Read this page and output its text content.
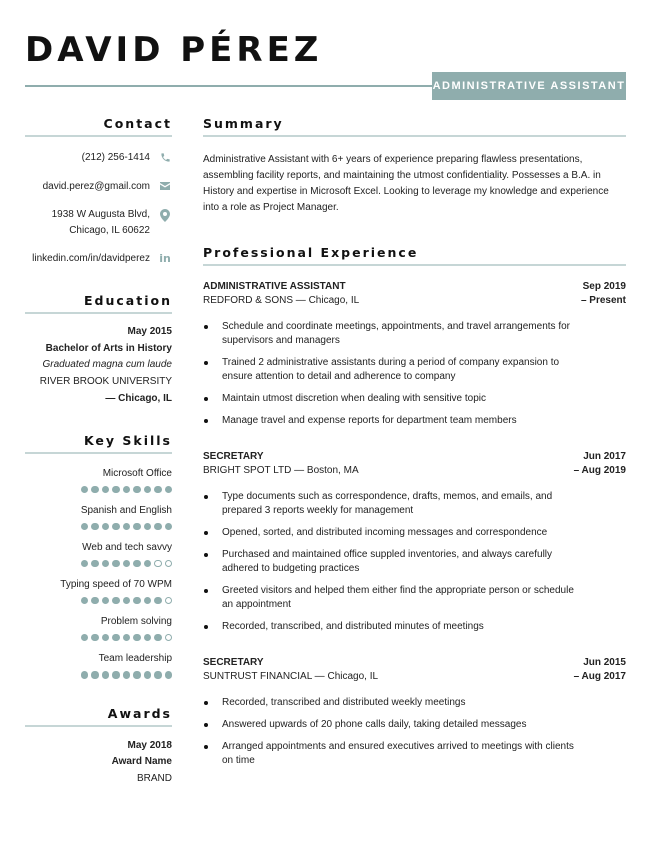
DAVID PÉREZ
ADMINISTRATIVE ASSISTANT
Contact
(212) 256-1414
david.perez@gmail.com
1938 W Augusta Blvd,
Chicago, IL 60622
linkedin.com/in/davidperez in
Education
May 2015
Bachelor of Arts in History
Graduated magna cum laude
RIVER BROOK UNIVERSITY
— Chicago, IL
Key Skills
Microsoft Office
Spanish and English
Web and tech savvy
Typing speed of 70 WPM
Problem solving
Team leadership
Awards
May 2018
Award Name
BRAND
Summary

Administrative Assistant with 6+ years of experience preparing flawless presentations, assembling facility reports, and maintaining the utmost confidentiality. Possesses a B.A. in History and expertise in Microsoft Excel. Looking to leverage my knowledge and experience into a role as Project Manager.

Professional Experience
ADMINISTRATIVE ASSISTANT
REDFORD & SONS — Chicago, IL
Sep 2019
– Present
Schedule and coordinate meetings, appointments, and travel arrangements for supervisors and managers
Trained 2 administrative assistants during a period of company expansion to ensure attention to detail and adherence to company
Maintain utmost discretion when dealing with sensitive topic
Manage travel and expense reports for department team members
SECRETARY
BRIGHT SPOT LTD — Boston, MA
Jun 2017
– Aug 2019
Type documents such as correspondence, drafts, memos, and emails, and prepared 3 reports weekly for management
Opened, sorted, and distributed incoming messages and correspondence
Purchased and maintained office suppled inventories, and always carefully adhered to budgeting practices
Greeted visitors and helped them either find the appropriate person or schedule an appointment
Recorded, transcribed, and distributed minutes of meetings
SECRETARY
SUNTRUST FINANCIAL — Chicago, IL
Jun 2015
– Aug 2017
Recorded, transcribed and distributed weekly meetings
Answered upwards of 20 phone calls daily, taking detailed messages
Arranged appointments and ensured executives arrived to meetings with clients on time
